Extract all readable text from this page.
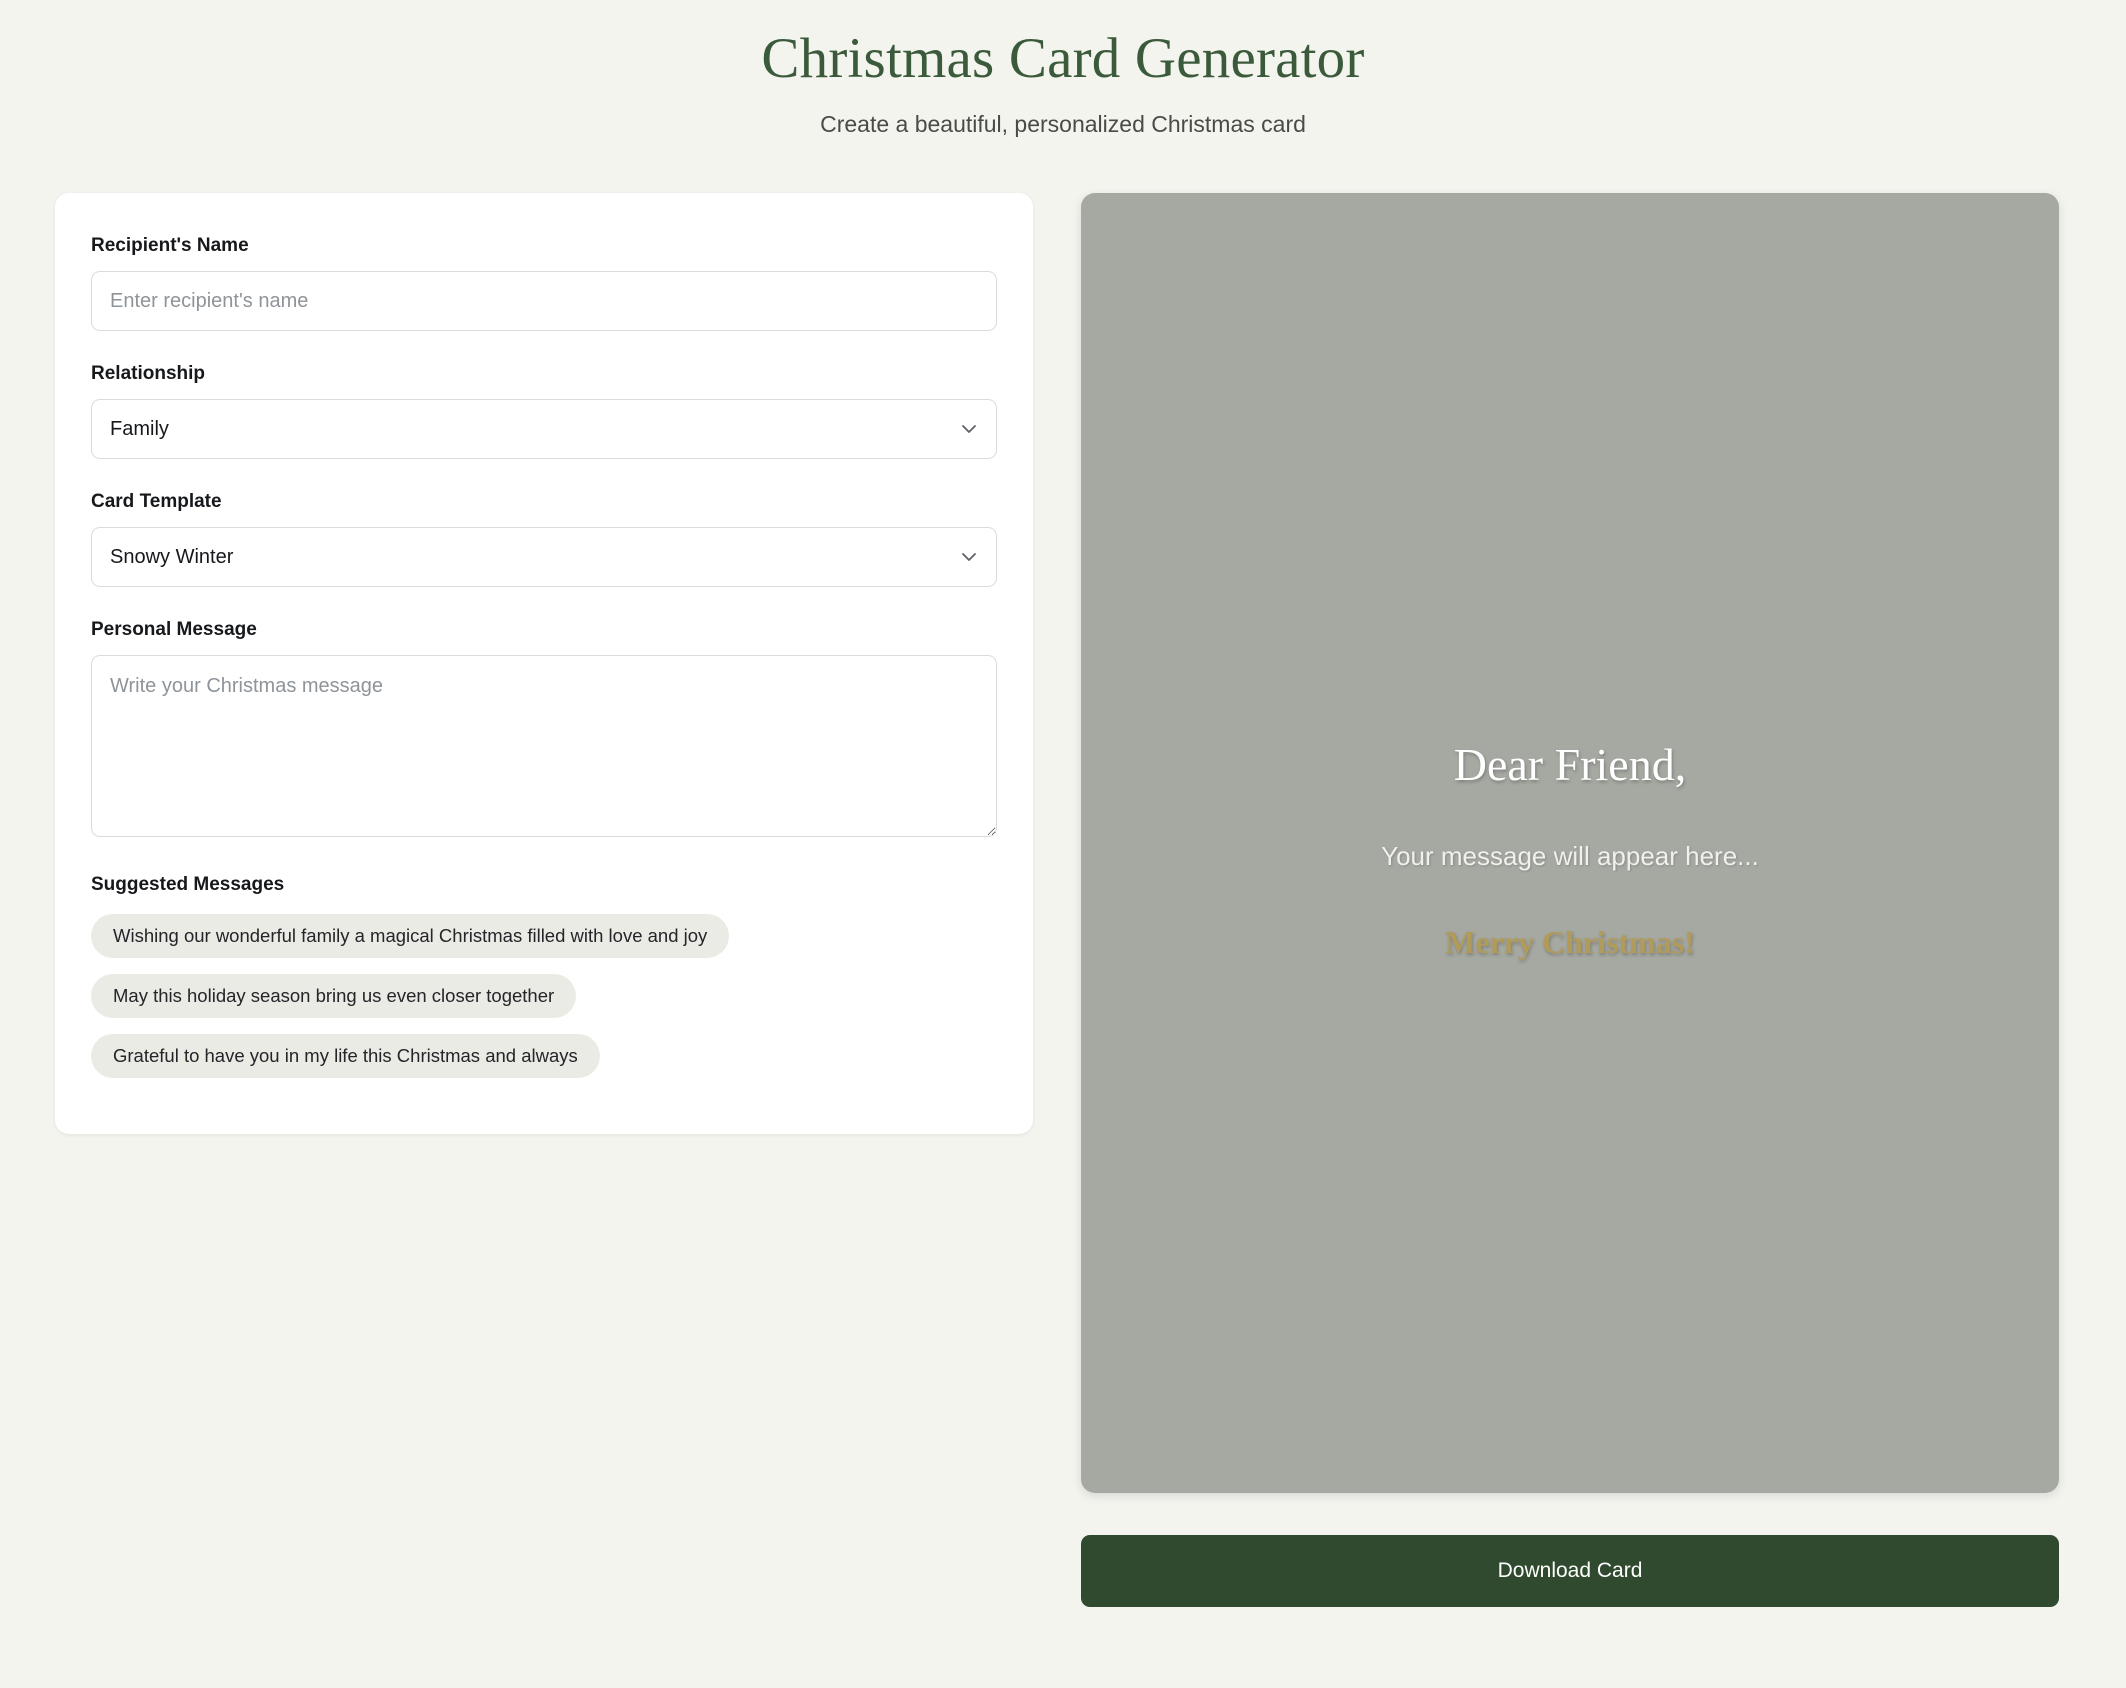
Christmas Card Generator
Create a beautiful, personalized Christmas card
Recipient's Name
Enter recipient's name
Relationship
Family
Card Template
Snowy Winter
Personal Message
Write your Christmas message
Suggested Messages
Wishing our wonderful family a magical Christmas filled with love and joy
May this holiday season bring us even closer together
Grateful to have you in my life this Christmas and always
Dear Friend,
Your message will appear here...
Merry Christmas!
Download Card
